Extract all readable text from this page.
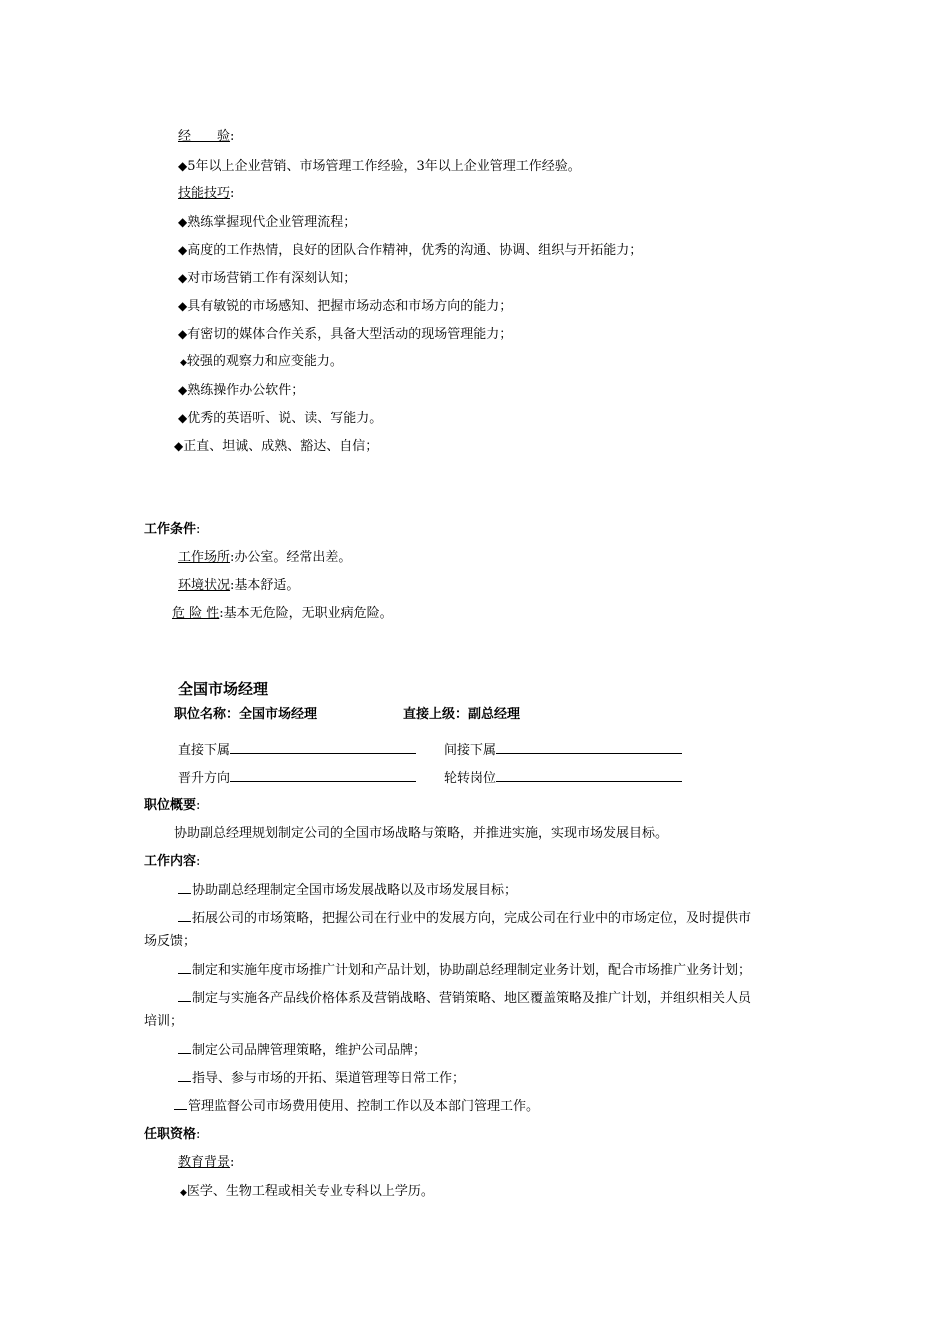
经　　验:
◆5年以上企业营销、市场管理工作经验，3年以上企业管理工作经验。
技能技巧:
◆熟练掌握现代企业管理流程；
◆高度的工作热情，良好的团队合作精神，优秀的沟通、协调、组织与开拓能力；
◆对市场营销工作有深刻认知；
◆具有敏锐的市场感知、把握市场动态和市场方向的能力；
◆有密切的媒体合作关系，具备大型活动的现场管理能力；
◆较强的观察力和应变能力。
◆熟练操作办公软件；
◆优秀的英语听、说、读、写能力。
◆正直、坦诚、成熟、豁达、自信；
工作条件:
工作场所:办公室。经常出差。
环境状况:基本舒适。
危 险 性:基本无危险，无职业病危险。
全国市场经理
职位名称：全国市场经理	直接上级：副总经理
直接下属	间接下属
晋升方向	轮转岗位
职位概要:
协助副总经理规划制定公司的全国市场战略与策略，并推进实施，实现市场发展目标。
工作内容:
协助副总经理制定全国市场发展战略以及市场发展目标；
拓展公司的市场策略，把握公司在行业中的发展方向，完成公司在行业中的市场定位，及时提供市
场反馈；
制定和实施年度市场推广计划和产品计划，协助副总经理制定业务计划，配合市场推广业务计划；
制定与实施各产品线价格体系及营销战略、营销策略、地区覆盖策略及推广计划，并组织相关人员
培训；
制定公司品牌管理策略，维护公司品牌；
指导、参与市场的开拓、渠道管理等日常工作；
管理监督公司市场费用使用、控制工作以及本部门管理工作。
任职资格:
教育背景:
◆医学、生物工程或相关专业专科以上学历。
